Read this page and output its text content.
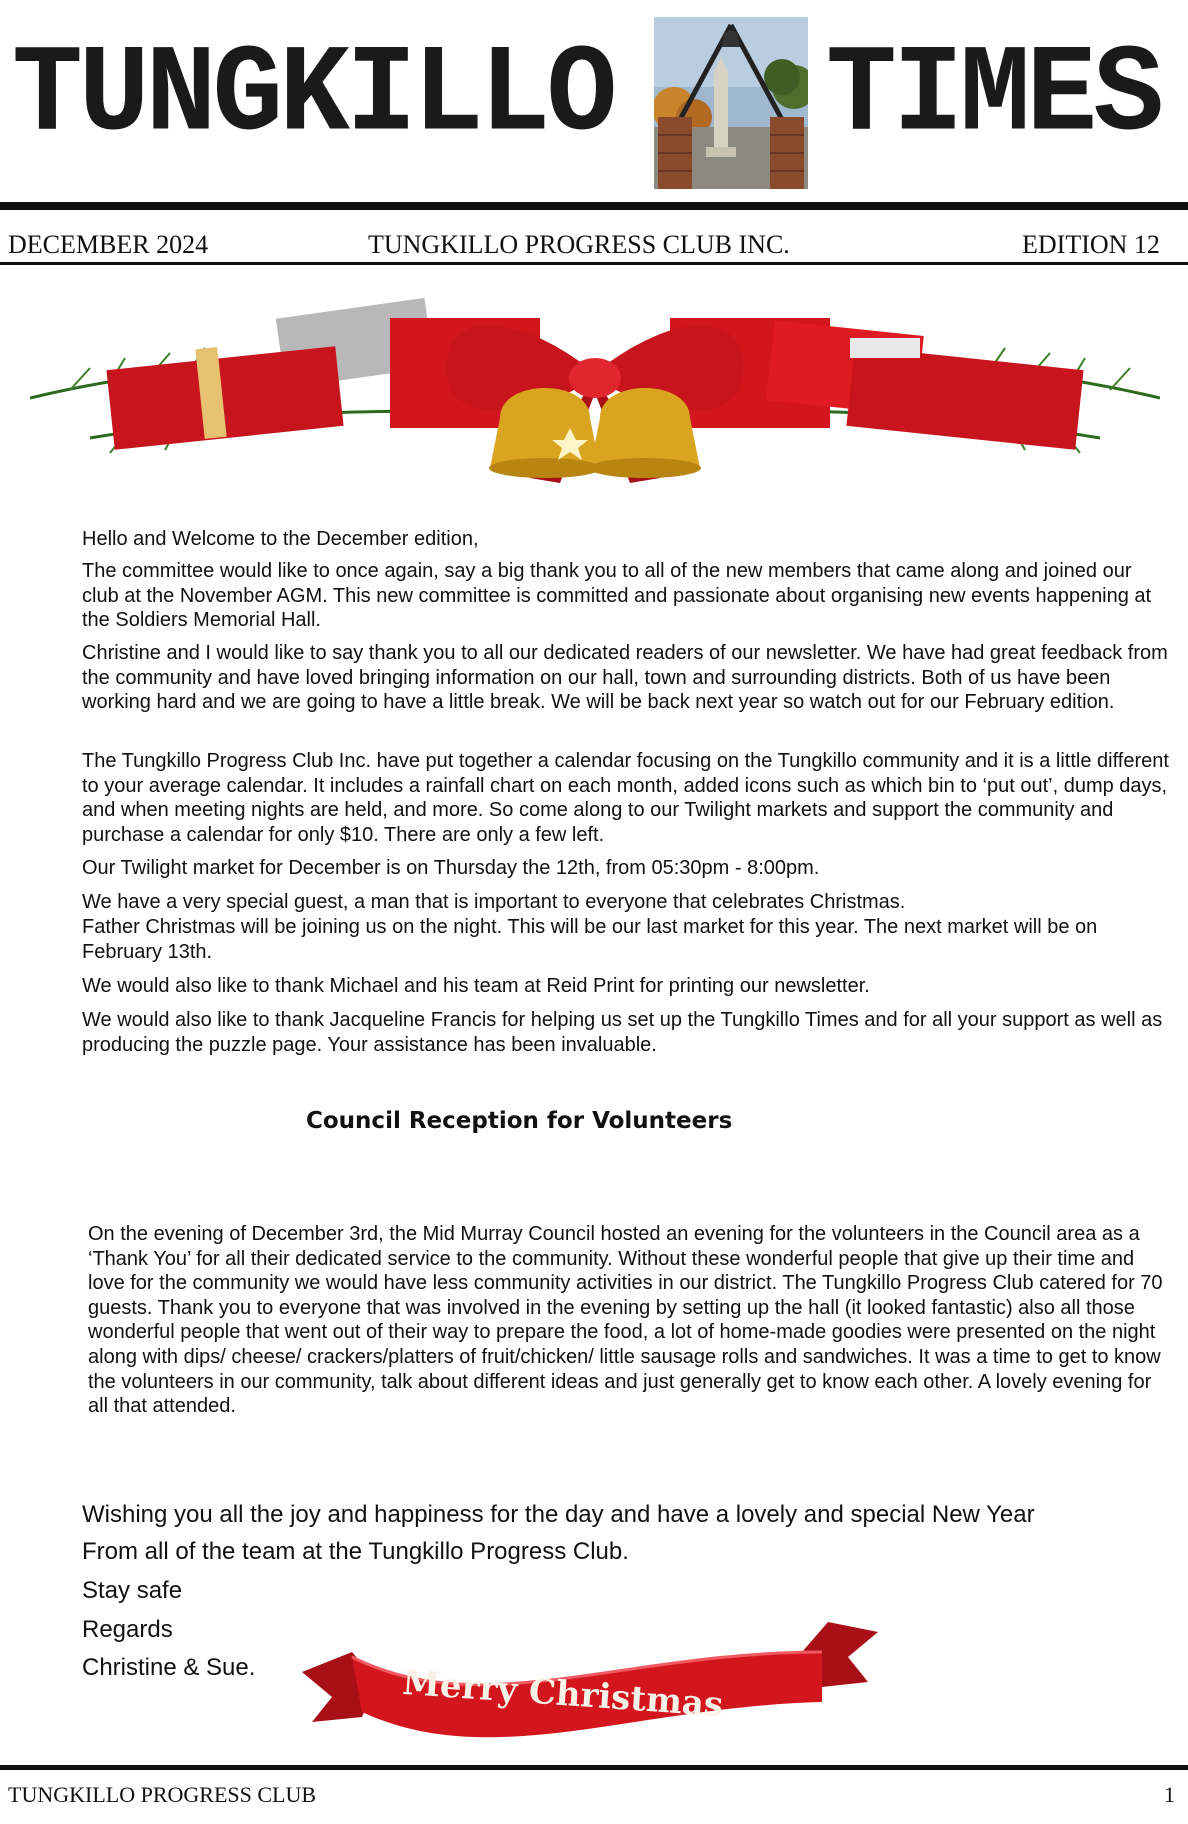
TUNGKILLO TIMES
DECEMBER 2024	TUNGKILLO PROGRESS CLUB INC.	EDITION 12

Hello and Welcome to the December edition,

The committee would like to once again, say a big thank you to all of the new members that came along and joined our club at the November AGM. This new committee is committed and passionate about organising new events happening at the Soldiers Memorial Hall.

Christine and I would like to say thank you to all our dedicated readers of our newsletter. We have had great feedback from the community and have loved bringing information on our hall, town and surrounding districts. Both of us have been working hard and we are going to have a little break. We will be back next year so watch out for our February edition.

The Tungkillo Progress Club Inc. have put together a calendar focusing on the Tungkillo community and it is a little different to your average calendar. It includes a rainfall chart on each month, added icons such as which bin to ‘put out’, dump days, and when meeting nights are held, and more. So come along to our Twilight markets and support the community and purchase a calendar for only $10. There are only a few left.

Our Twilight market for December is on Thursday the 12th, from 05:30pm - 8:00pm.

We have a very special guest, a man that is important to everyone that celebrates Christmas.

Father Christmas will be joining us on the night. This will be our last market for this year. The next market will be on February 13th.

We would also like to thank Michael and his team at Reid Print for printing our newsletter.

We would also like to thank Jacqueline Francis for helping us set up the Tungkillo Times and for all your support as well as producing the puzzle page. Your assistance has been invaluable.

Council Reception for Volunteers

On the evening of December 3rd, the Mid Murray Council hosted an evening for the volunteers in the Council area as a ‘Thank You’ for all their dedicated service to the community. Without these wonderful people that give up their time and love for the community we would have less community activities in our district. The Tungkillo Progress Club catered for 70 guests. Thank you to everyone that was involved in the evening by setting up the hall (it looked fantastic) also all those wonderful people that went out of their way to prepare the food, a lot of home-made goodies were presented on the night along with dips/ cheese/ crackers/platters of fruit/chicken/ little sausage rolls and sandwiches. It was a time to get to know the volunteers in our community, talk about different ideas and just generally get to know each other. A lovely evening for all that attended.

Wishing you all the joy and happiness for the day and have a lovely and special New Year
From all of the team at the Tungkillo Progress Club.
Stay safe
Regards
Christine & Sue.	Merry Christmas
TUNGKILLO PROGRESS CLUB	1
